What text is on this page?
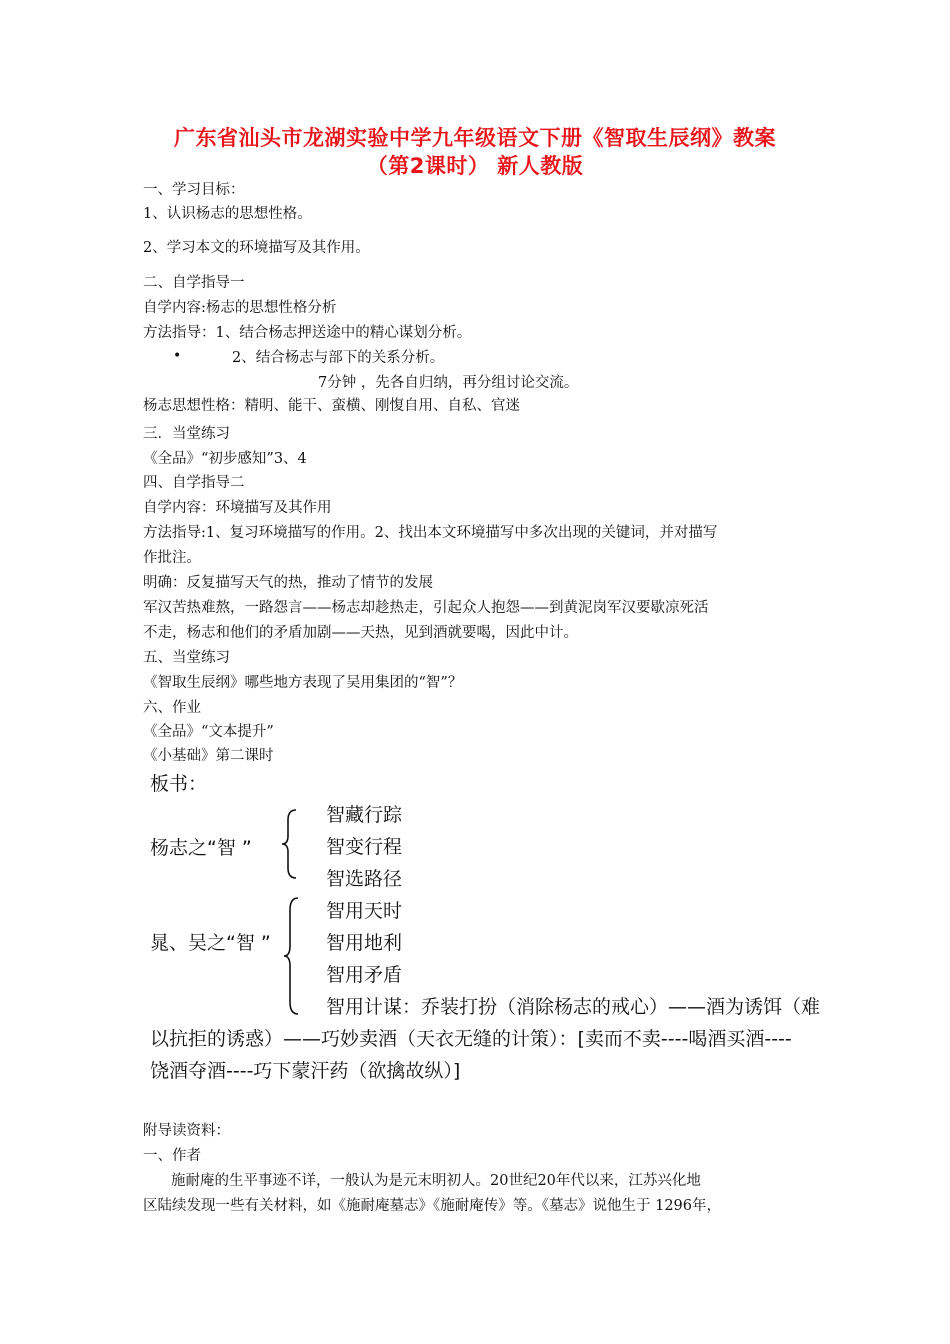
广东省汕头市龙湖实验中学九年级语文下册《智取生辰纲》教案
（第2课时） 新人教版
一、学习目标：
1、认识杨志的思想性格。
2、学习本文的环境描写及其作用。
二、自学指导一
自学内容:杨志的思想性格分析
方法指导：1、结合杨志押送途中的精心谋划分析。
•	2、结合杨志与部下的关系分析。
7分钟 ，先各自归纳，再分组讨论交流。
杨志思想性格：精明、能干、蛮横、刚愎自用、自私、官迷
三．当堂练习
《全品》“初步感知”3、4
四、自学指导二
自学内容：环境描写及其作用
方法指导:1、复习环境描写的作用。2、找出本文环境描写中多次出现的关键词，并对描写
作批注。
明确：反复描写天气的热，推动了情节的发展
军汉苦热难熬，一路怨言——杨志却趁热走，引起众人抱怨——到黄泥岗军汉要歇凉死活
不走，杨志和他们的矛盾加剧——天热，见到酒就要喝，因此中计。
五、当堂练习
《智取生辰纲》哪些地方表现了吴用集团的“智”？
六、作业
《全品》“文本提升”
《小基础》第二课时
板书：
杨志之“智 ”
智藏行踪
智变行程
智选路径
晁、吴之“智 ”
智用天时
智用地利
智用矛盾
智用计谋：乔装打扮（消除杨志的戒心）——酒为诱饵（难
以抗拒的诱惑）——巧妙卖酒（天衣无缝的计策）：[卖而不卖----喝酒买酒----
饶酒夺酒----巧下蒙汗药（欲擒故纵）]
附导读资料：
一、作者
施耐庵的生平事迹不详，一般认为是元末明初人。20世纪20年代以来，江苏兴化地
区陆续发现一些有关材料，如《施耐庵墓志》《施耐庵传》等。《墓志》说他生于 1296年，
